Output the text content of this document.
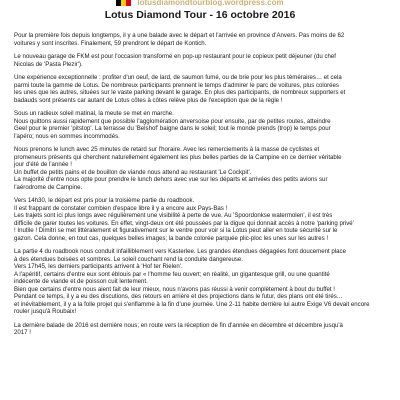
lotusdiamondtourblog.wordpress.com
Lotus Diamond Tour - 16 octobre 2016

Pour la première fois depuis longtemps, il y a une balade avec le départ et l'arrivée en province d'Anvers. Pas moins de 62
voitures y sont inscrites. Finalement, 59 prendront le départ de Kontich.

Le nouveau garage de FKM est pour l'occasion transformé en pop-up restaurant pour le copieux petit déjeuner (du chef
Nicolas de 'Pasta Plezir').

Une expérience exceptionnelle : profiter d'un oeuf, de lard, de saumon fumé, ou de brie pour les plus téméraires… et cela
parmi toute la gamme de Lotus. De nombreux participants prennent le temps d'admirer le parc de voitures, plus colorées
les unes que les autres, situées sur le vaste parking devant le garage. En plus des participants, de nombreux supporters et
badauds sont présents car autant de Lotus côtes à côtes relève plus de l'exception que de la règle !

Sous un radieux soleil matinal, la meute se met en marche.
Nous quittons aussi rapidement que possible l'agglomération anversoise pour ensuite, par de petites routes, atteindre
Geel pour le premier 'pitstop'. La terrasse du 'Belshof' baigne dans le soleil; tout le monde prends (trop) le temps pour
l'apéro; nous en sommes incommodés.

Nous prenons le lunch avec 25 minutes de retard sur l'horaire. Avec les remerciements à la masse de cyclistes et
promeneurs présents qui cherchent naturellement également les plus belles parties de la Campine en ce dernier véritable
jour d'été de l'année !
Un buffet de petits pains et de bouillon de viande nous attend au restaurant 'Le Cockpit'.
La majorité d'entre nous opte pour prendre le lunch dehors avec vue sur les départs et arrivées des petits avions sur
l'aérodrome de Campine.

Vers 14h30, le départ est pris pour la troisième partie du roadbook.
Il est frappant de constater combien d'espace libre il y a encore aux Pays-Bas !
Les trajets sont ici plus longs avec régulièrement une visibilité à perte de vue. Au 'Spoordonkse watermolen', il est très
difficile de garer toutes les voitures. En effet, vingt-deux ont été poussées par la digue qui donnait accès à notre 'parking privé'
! Inutile ! Dimitri se met littéralement et figurativement sur le ventre pour voir si la Lotus peut aller en toute sécurité sur le
gazon. Cela donne, en tout cas, quelques belles images; la bande colorée parquée plic-ploc les unes sur les autres !

La partie 4 du roadbook nous conduit infailliblement vers Kasterlee. Les grandes étendues dégagées font doucement place
à des étendues boisées et sombres. Le soleil couchant rend la conduite dangereuse.
Vers 17h45, les derniers participants arrivent à 'Hof ter Rielen'.
A l'apéritif, certains d'entre eux sont éblouis par « l'homme feu ouvert; en réalité, un gigantesque grill, ou une quantité
indécente de viande et de poisson cuit lentement.
Bien que certains d'entre nous aient fait de leur mieux, nous n'avons pas réussi à venir complètement à bout du buffet !
Pendant ce temps, il y a eu des discutions, des retours en arrière et des projections dans le futur, des plans ont été tirés…
et inévitablement, il y a la folle projet qui s'enflamme à la fin d'une journée. Une 2-11 habite derrière lui autre Exige V6 devait encore
rouler jusqu'à Roubaix!

La dernière balade de 2016 est dernière nous; en route vers la réception de fin d'année en décembre et décembre jusqu'à
2017 !
